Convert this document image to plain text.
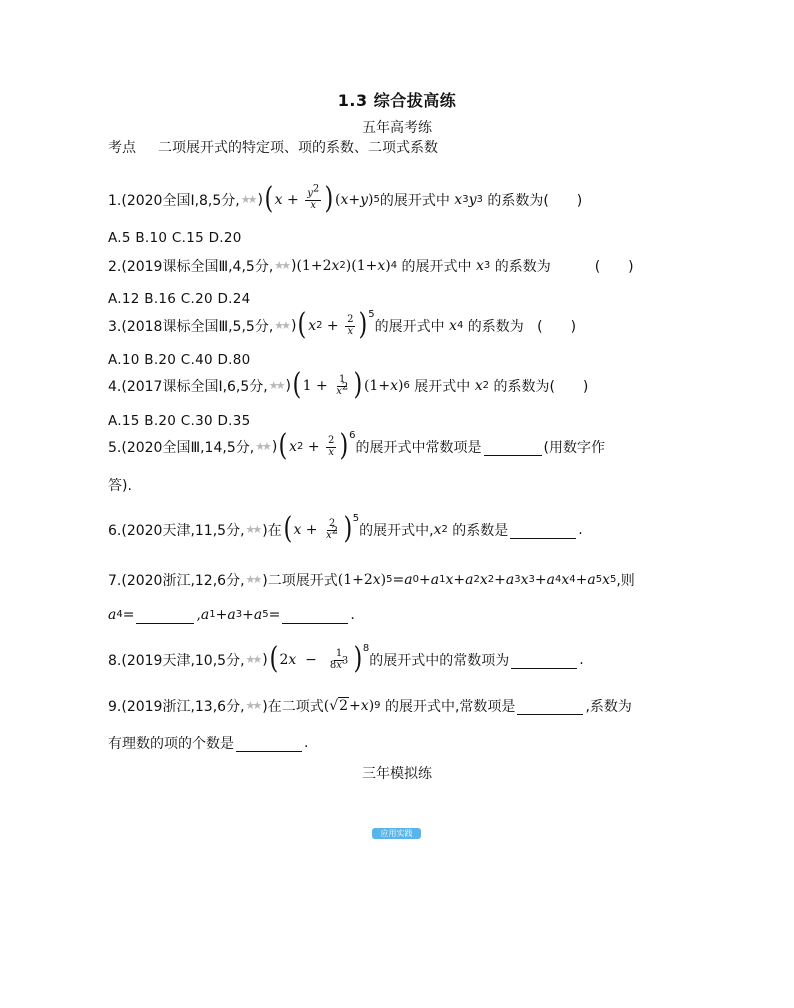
1.3 综合拔高练
五年高考练
考点 二项展开式的特定项、项的系数、二项式系数
1.(2020全国Ⅰ,8,5分, ★★ ) ( $x + \frac{y^2}{x}$ ) ( x + y ) 5 的展开式中
x 3 y 3
的系数为 (　　)
A.5 B.10 C.15 D.20
2.(2019课标全国Ⅲ,4,5分, ★★ ) (1+2 x 2 )(1+ x ) 4
的展开式中
x 3
的系数为	(　　)
A.12 B.16 C.20 D.24
3.(2018课标全国Ⅲ,5,5分, ★★ ) ( x $2 + \frac{2}{x}$ ) 5
的展开式中
x 4
的系数为
(　　)
A.10 B.20 C.40 D.80
4.(2017课标全国Ⅰ,6,5分, ★★ ) ( $1 + \frac{1}{x^2}$ ) (1+ x ) 6
展开式中
x 2
的系数为 (　　)
A.15 B.20 C.30 D.35
5.(2020全国Ⅲ,14,5分, ★★ ) ( x $2 + \frac{2}{x}$ ) 6
的展开式中常数项是	(用数字作
答).
6.(2020天津,11,5分, ★★ )在 ( $x + \frac{2}{x^2}$ ) 5
的展开式中, x 2
的系数是	.
7.(2020浙江,12,6分, ★★ )二项展开式 (1+2 x ) 5 = a 0 + a 1 x + a 2 x 2 + a 3 x 3 + a 4 x 4 + a 5 x 5 ,则
a 4 =	, a 1 + a 3 + a 5 =	.
8.(2019天津,10,5分, ★★ ) ( 2 $x - \frac{1}{8x^3}$ ) 8
的展开式中的常数项为	.
9.(2019浙江,13,6分, ★★ )在二项式 (√2+ x ) 9
的展开式中,常数项是	,系数为
有理数的项的个数是	.
三年模拟练
应用实践
